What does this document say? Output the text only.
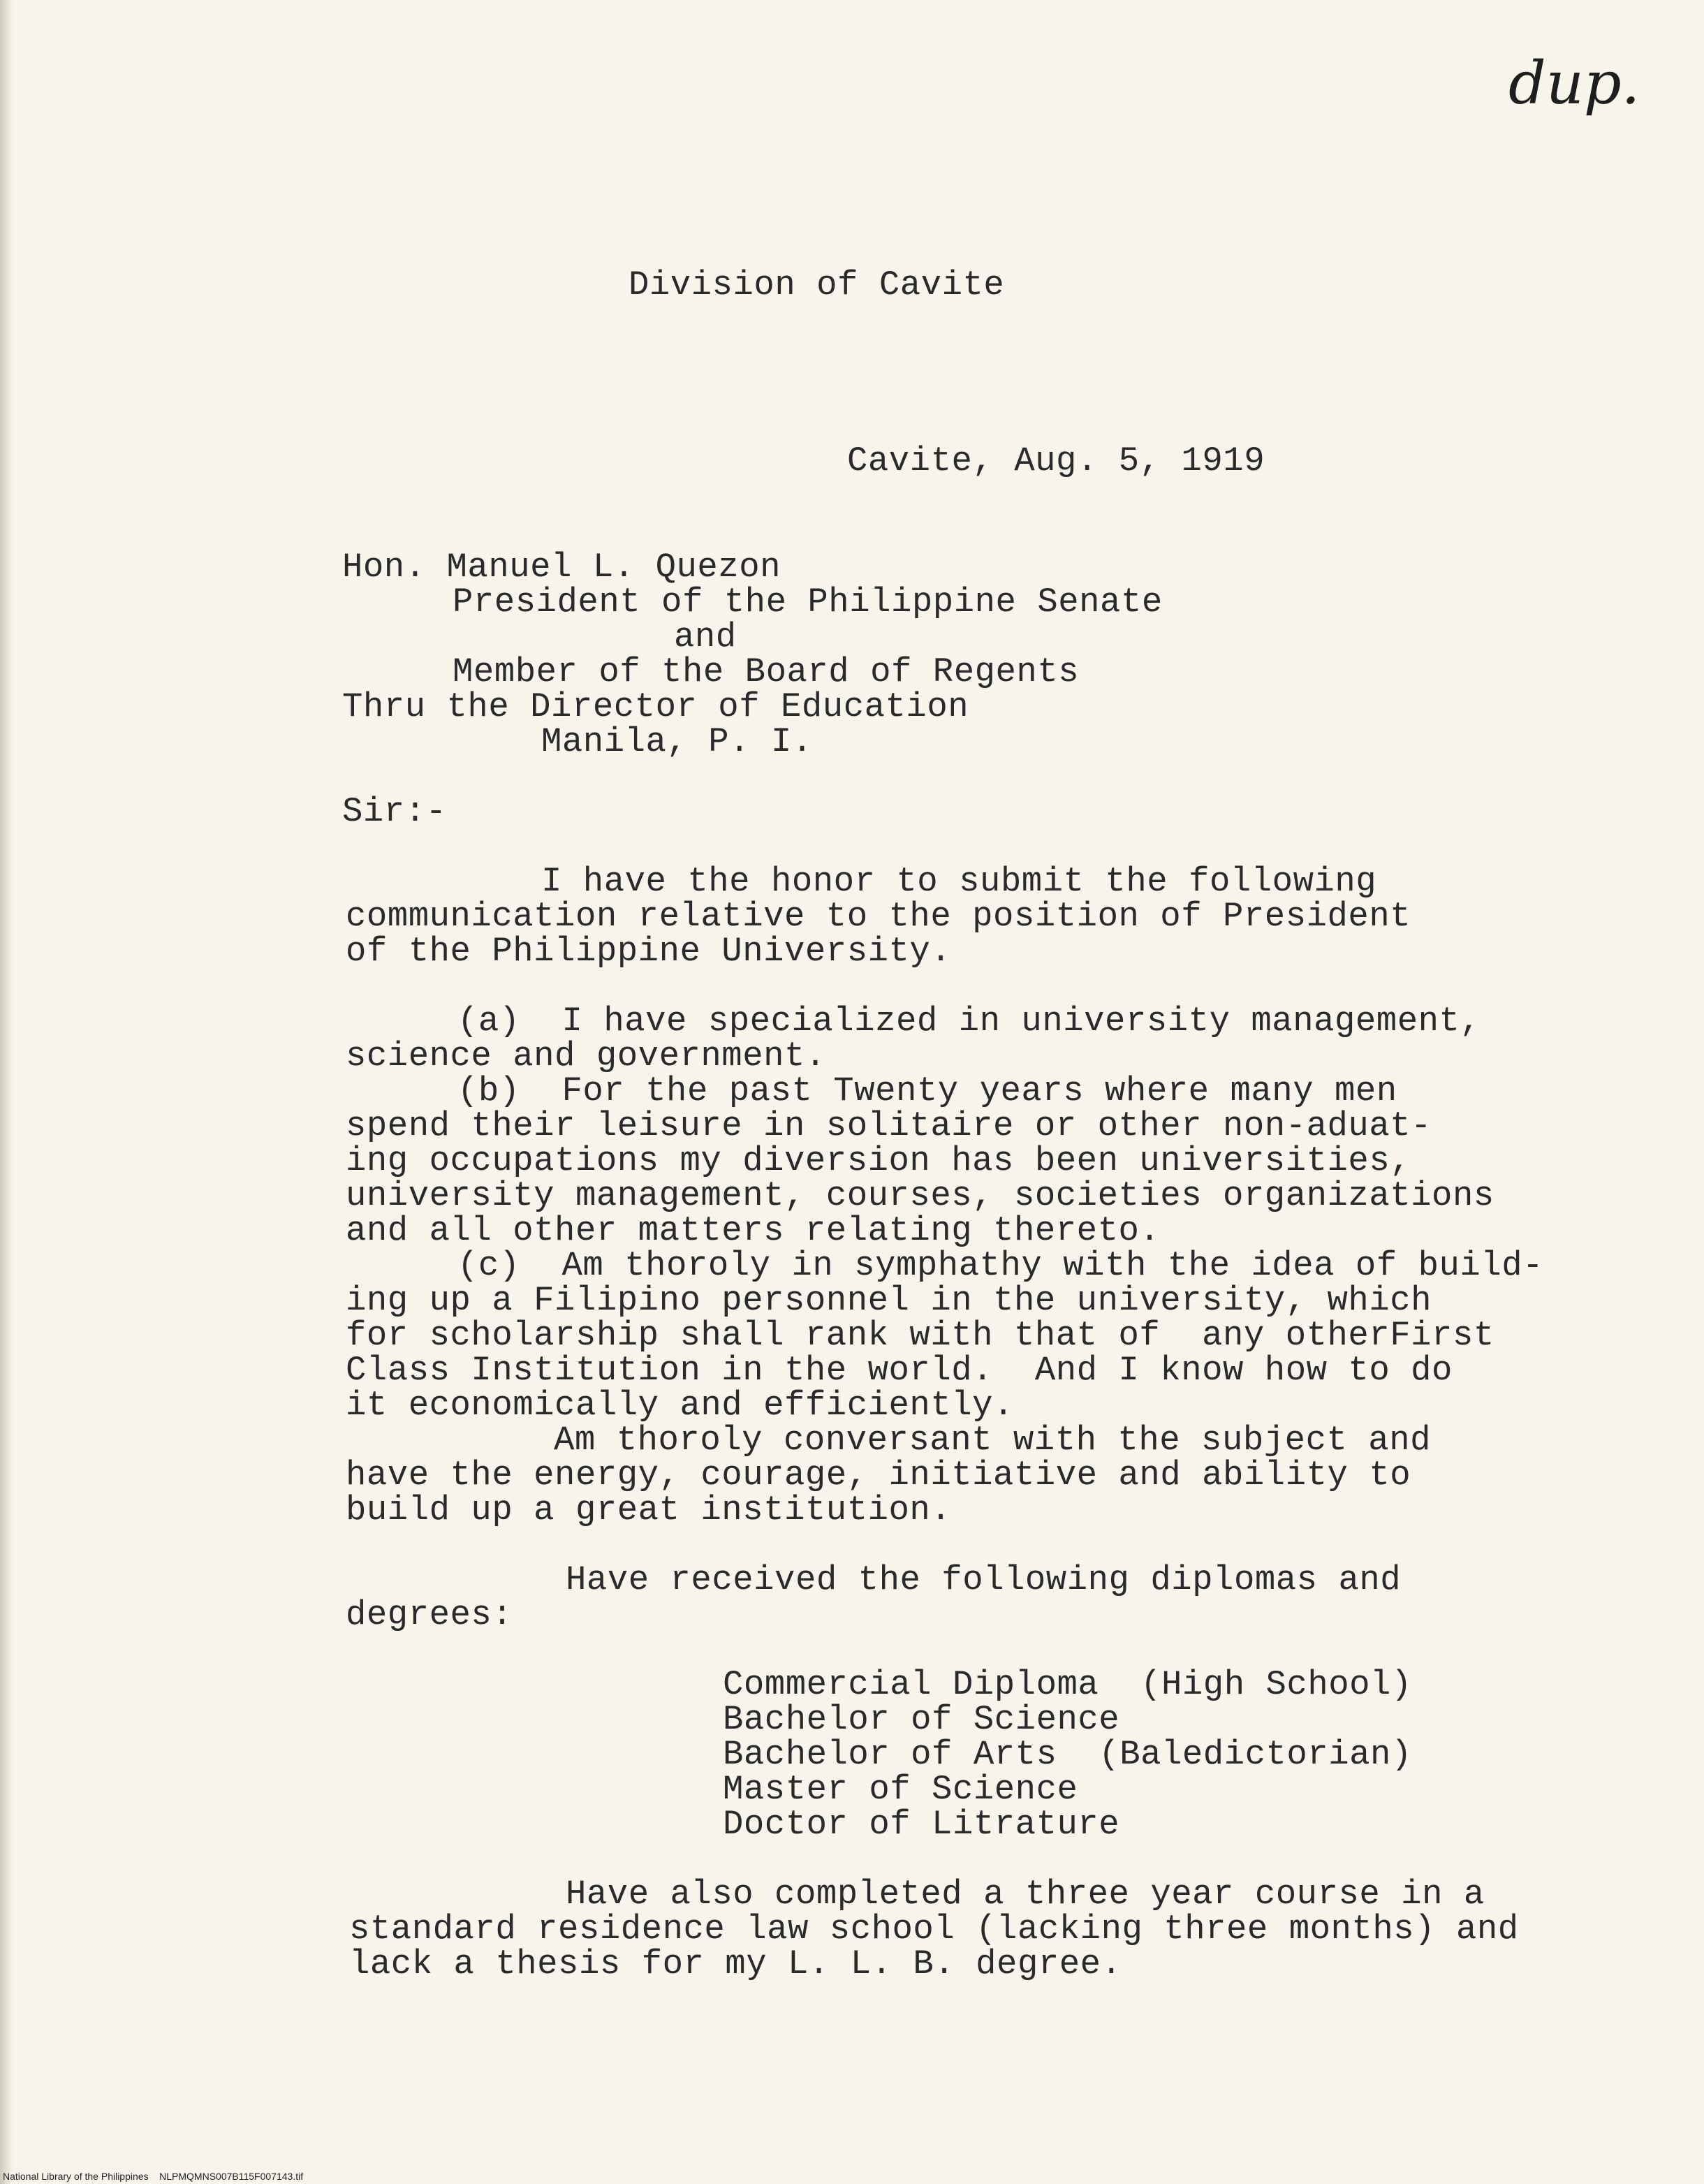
dup.
Division of Cavite
Cavite, Aug. 5, 1919
Hon. Manuel L. Quezon
President of the Philippine Senate
and
Member of the Board of Regents
Thru the Director of Education
Manila, P. I.
Sir:-
I have the honor to submit the following
communication relative to the position of President
of the Philippine University.
(a)  I have specialized in university management,
science and government.
(b)  For the past Twenty years where many men
spend their leisure in solitaire or other non-aduat-
ing occupations my diversion has been universities,
university management, courses, societies organizations
and all other matters relating thereto.
(c)  Am thoroly in symphathy with the idea of build-
ing up a Filipino personnel in the university, which
for scholarship shall rank with that of  any otherFirst
Class Institution in the world.  And I know how to do
it economically and efficiently.
Am thoroly conversant with the subject and
have the energy, courage, initiative and ability to
build up a great institution.
Have received the following diplomas and
degrees:
Commercial Diploma  (High School)
Bachelor of Science
Bachelor of Arts  (Baledictorian)
Master of Science
Doctor of Litrature
Have also completed a three year course in a
standard residence law school (lacking three months) and
lack a thesis for my L. L. B. degree.
National Library of the Philippines NLPMQMNS007B115F007143.tif
